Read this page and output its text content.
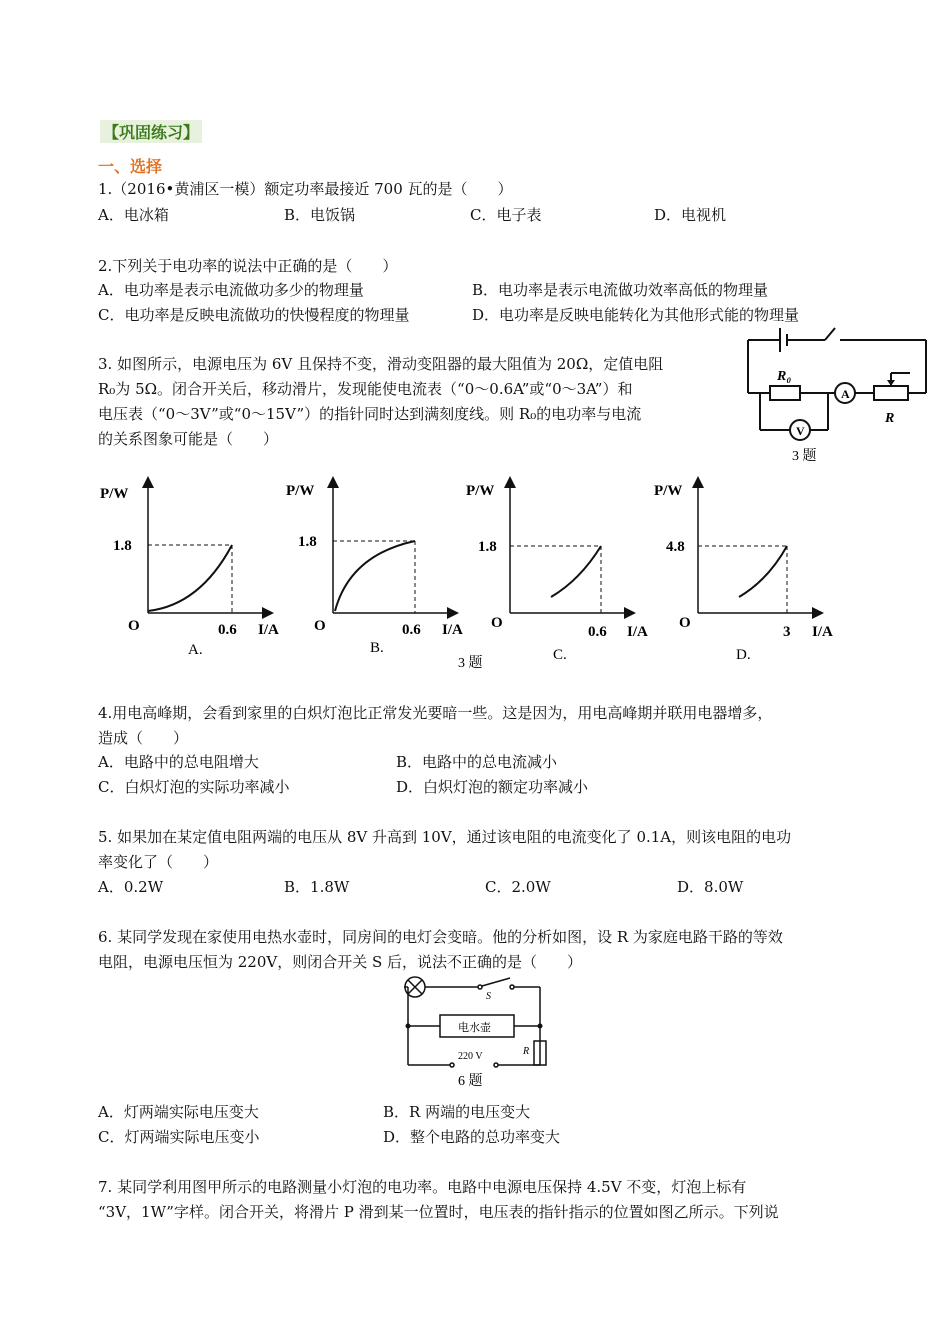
【巩固练习】
一、选择
1.（2016•黄浦区一模）额定功率最接近 700 瓦的是（　　）
A．电冰箱	B．电饭锅	C．电子表	D．电视机
2.下列关于电功率的说法中正确的是（　　）
A．电功率是表示电流做功多少的物理量	B．电功率是表示电流做功效率高低的物理量
C．电功率是反映电流做功的快慢程度的物理量	D．电功率是反映电能转化为其他形式能的物理量
3. 如图所示，电源电压为 6V 且保持不变，滑动变阻器的最大阻值为 20Ω，定值电阻
R₀为 5Ω。闭合开关后，移动滑片，发现能使电流表（“0～0.6A”或“0～3A”）和
电压表（“0～3V”或“0～15V”）的指针同时达到满刻度线。则 R₀的电功率与电流
的关系图象可能是（　　）
R₀
R
A
V
3 题
P/W
1.8
O	0.6 I/A
A.
P/W
1.8
O	0.6 I/A
B.
P/W
1.8
O
0.6 I/A
C.
P/W
4.8
O
3 I/A
D.
3 题
4.用电高峰期，会看到家里的白炽灯泡比正常发光要暗一些。这是因为，用电高峰期并联用电器增多，
造成（　　）
A．电路中的总电阻增大	B．电路中的总电流减小
C．白炽灯泡的实际功率减小	D．白炽灯泡的额定功率减小
5. 如果加在某定值电阻两端的电压从 8V 升高到 10V，通过该电阻的电流变化了 0.1A，则该电阻的电功
率变化了（　　）
A．0.2W	B．1.8W	C．2.0W	D．8.0W
6. 某同学发现在家使用电热水壶时，同房间的电灯会变暗。他的分析如图，设 R 为家庭电路干路的等效
电阻，电源电压恒为 220V，则闭合开关 S 后，说法不正确的是（　　）
S
电水壶
R
220 V
6 题
A．灯两端实际电压变大	B．R 两端的电压变大
C．灯两端实际电压变小	D．整个电路的总功率变大
7. 某同学利用图甲所示的电路测量小灯泡的电功率。电路中电源电压保持 4.5V 不变，灯泡上标有
“3V，1W”字样。闭合开关，将滑片 P 滑到某一位置时，电压表的指针指示的位置如图乙所示。下列说
